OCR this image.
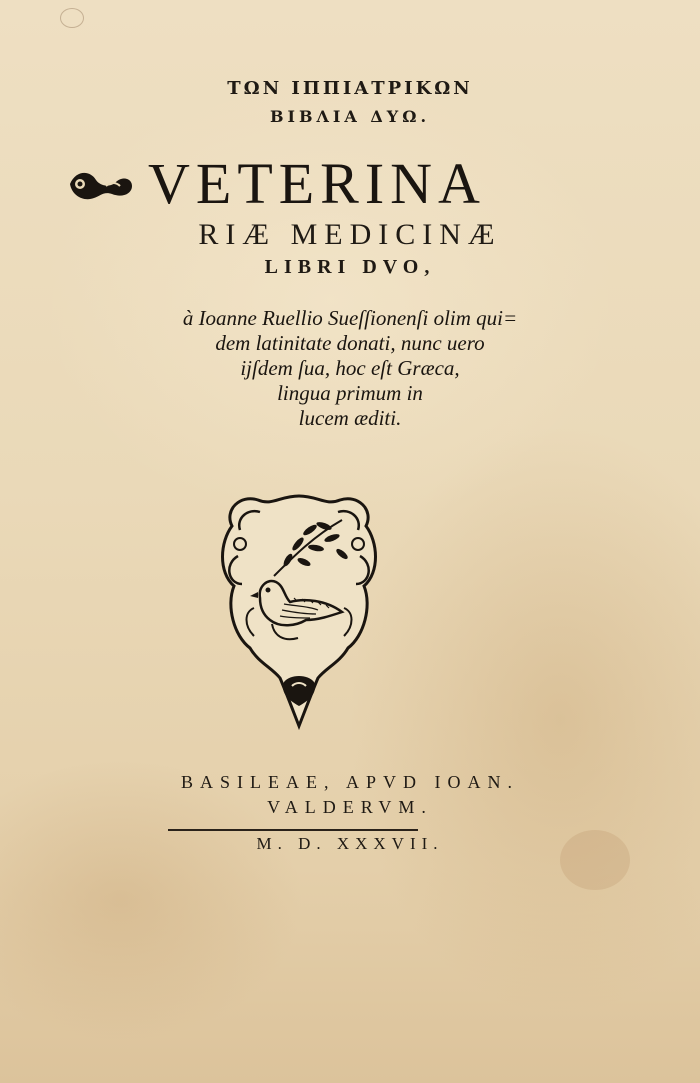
ΤΩΝ ΙΠΠΙΑΤΡΙΚΩΝ
ΒΙΒΛΙΑ ΔΥΩ.
VETERINA
RIÆ MEDICINÆ
LIBRI DVO,
à Ioanne Ruellio Sueſſionenſi olim qui=
dem latinitate donati, nunc uero
ijſdem ſua, hoc eſt Græca,
lingua primum in
lucem æditi.
BASILEAE, APVD IOAN.
VALDERVM.
M. D. XXXVII.
